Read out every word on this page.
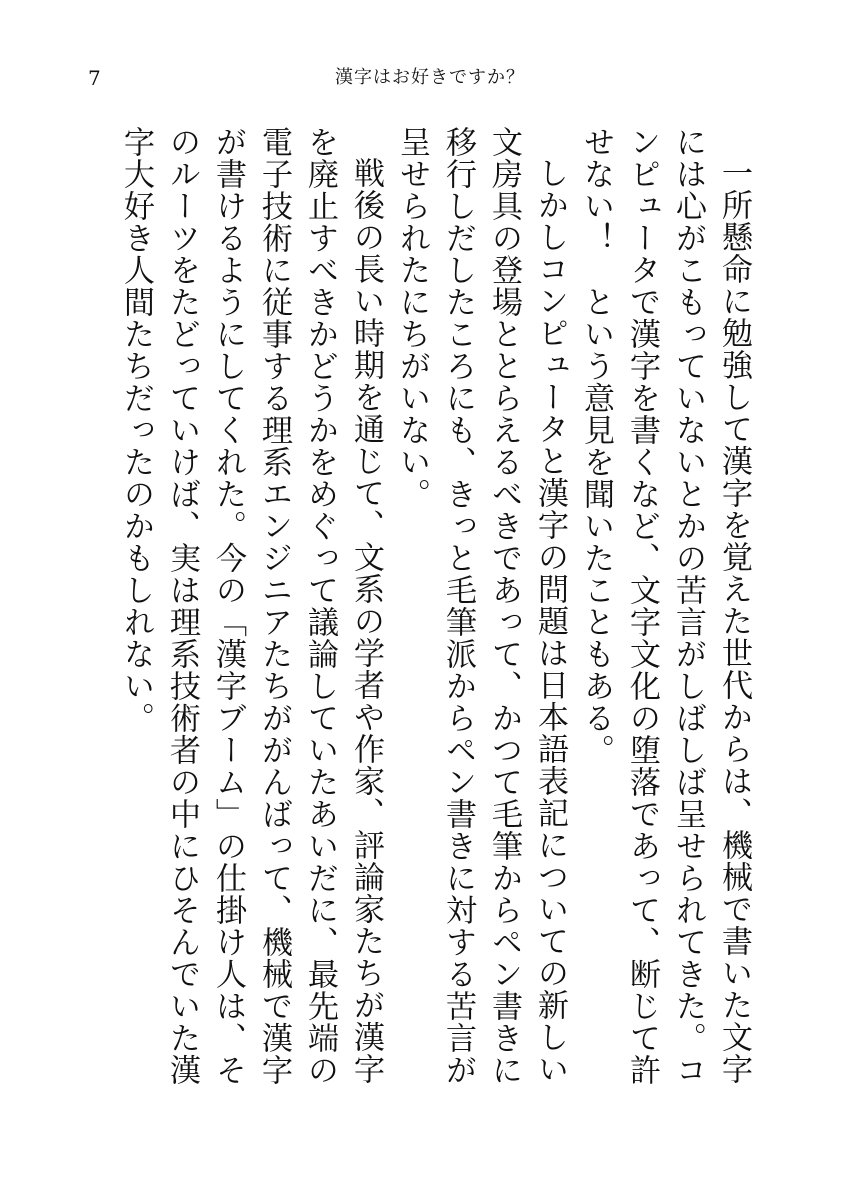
7	漢字はお好きですか？

一所懸命に勉強して漢字を覚えた世代からは、機械で書いた文字には心がこもっていないとかの苦言がしばしば呈せられてきた。コンピュータで漢字を書くなど、文字文化の堕落であって、断じて許せない！　という意見を聞いたこともある。

しかしコンピュータと漢字の問題は日本語表記についての新しい文房具の登場ととらえるべきであって、かつて毛筆からペン書きに移行しだしたころにも、きっと毛筆派からペン書きに対する苦言が呈せられたにちがいない。

戦後の長い時期を通じて、文系の学者や作家、評論家たちが漢字を廃止すべきかどうかをめぐって議論していたあいだに、最先端の電子技術に従事する理系エンジニアたちががんばって、機械で漢字が書けるようにしてくれた。今の「漢字ブーム」の仕掛け人は、そのルーツをたどっていけば、実は理系技術者の中にひそんでいた漢字大好き人間たちだったのかもしれない。
